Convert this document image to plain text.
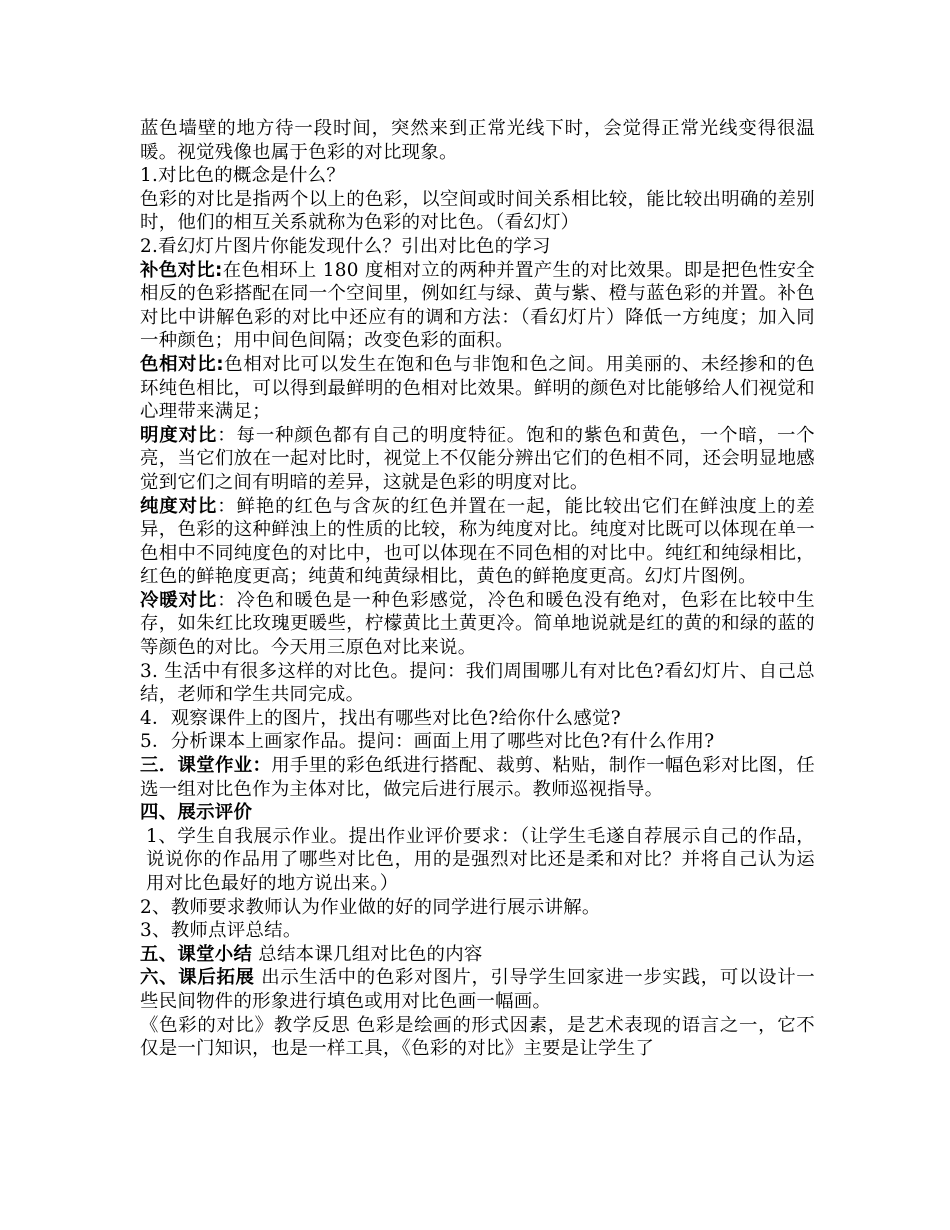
蓝色墙壁的地方待一段时间，突然来到正常光线下时，会觉得正常光线变得很温暖。视觉残像也属于色彩的对比现象。

1.对比色的概念是什么？

色彩的对比是指两个以上的色彩，以空间或时间关系相比较，能比较出明确的差别时，他们的相互关系就称为色彩的对比色。（看幻灯）

2.看幻灯片图片你能发现什么？引出对比色的学习

补色对比:在色相环上 180 度相对立的两种并置产生的对比效果。即是把色性安全相反的色彩搭配在同一个空间里，例如红与绿、黄与紫、橙与蓝色彩的并置。补色对比中讲解色彩的对比中还应有的调和方法：（看幻灯片）降低一方纯度；加入同一种颜色；用中间色间隔；改变色彩的面积。

色相对比:色相对比可以发生在饱和色与非饱和色之间。用美丽的、未经掺和的色环纯色相比，可以得到最鲜明的色相对比效果。鲜明的颜色对比能够给人们视觉和心理带来满足；

明度对比：每一种颜色都有自己的明度特征。饱和的紫色和黄色，一个暗，一个亮，当它们放在一起对比时，视觉上不仅能分辨出它们的色相不同，还会明显地感觉到它们之间有明暗的差异，这就是色彩的明度对比。

纯度对比：鲜艳的红色与含灰的红色并置在一起，能比较出它们在鲜浊度上的差异，色彩的这种鲜浊上的性质的比较，称为纯度对比。纯度对比既可以体现在单一色相中不同纯度色的对比中，也可以体现在不同色相的对比中。纯红和纯绿相比，红色的鲜艳度更高；纯黄和纯黄绿相比，黄色的鲜艳度更高。幻灯片图例。

冷暖对比：冷色和暖色是一种色彩感觉，冷色和暖色没有绝对，色彩在比较中生存，如朱红比玫瑰更暖些，柠檬黄比土黄更冷。简单地说就是红的黄的和绿的蓝的等颜色的对比。今天用三原色对比来说。

3. 生活中有很多这样的对比色。提问：我们周围哪儿有对比色?看幻灯片、自己总结，老师和学生共同完成。

4．观察课件上的图片，找出有哪些对比色?给你什么感觉?

5．分析课本上画家作品。提问：画面上用了哪些对比色?有什么作用?

三．课堂作业：用手里的彩色纸进行搭配、裁剪、粘贴，制作一幅色彩对比图，任选一组对比色作为主体对比，做完后进行展示。教师巡视指导。

四、展示评价

1、学生自我展示作业。提出作业评价要求：（让学生毛遂自荐展示自己的作品，说说你的作品用了哪些对比色，用的是强烈对比还是柔和对比？并将自己认为运用对比色最好的地方说出来。）

2、教师要求教师认为作业做的好的同学进行展示讲解。

3、教师点评总结。

五、课堂小结 总结本课几组对比色的内容

六、课后拓展 出示生活中的色彩对图片，引导学生回家进一步实践，可以设计一些民间物件的形象进行填色或用对比色画一幅画。

《色彩的对比》教学反思 色彩是绘画的形式因素，是艺术表现的语言之一，它不仅是一门知识，也是一样工具，《色彩的对比》主要是让学生了
